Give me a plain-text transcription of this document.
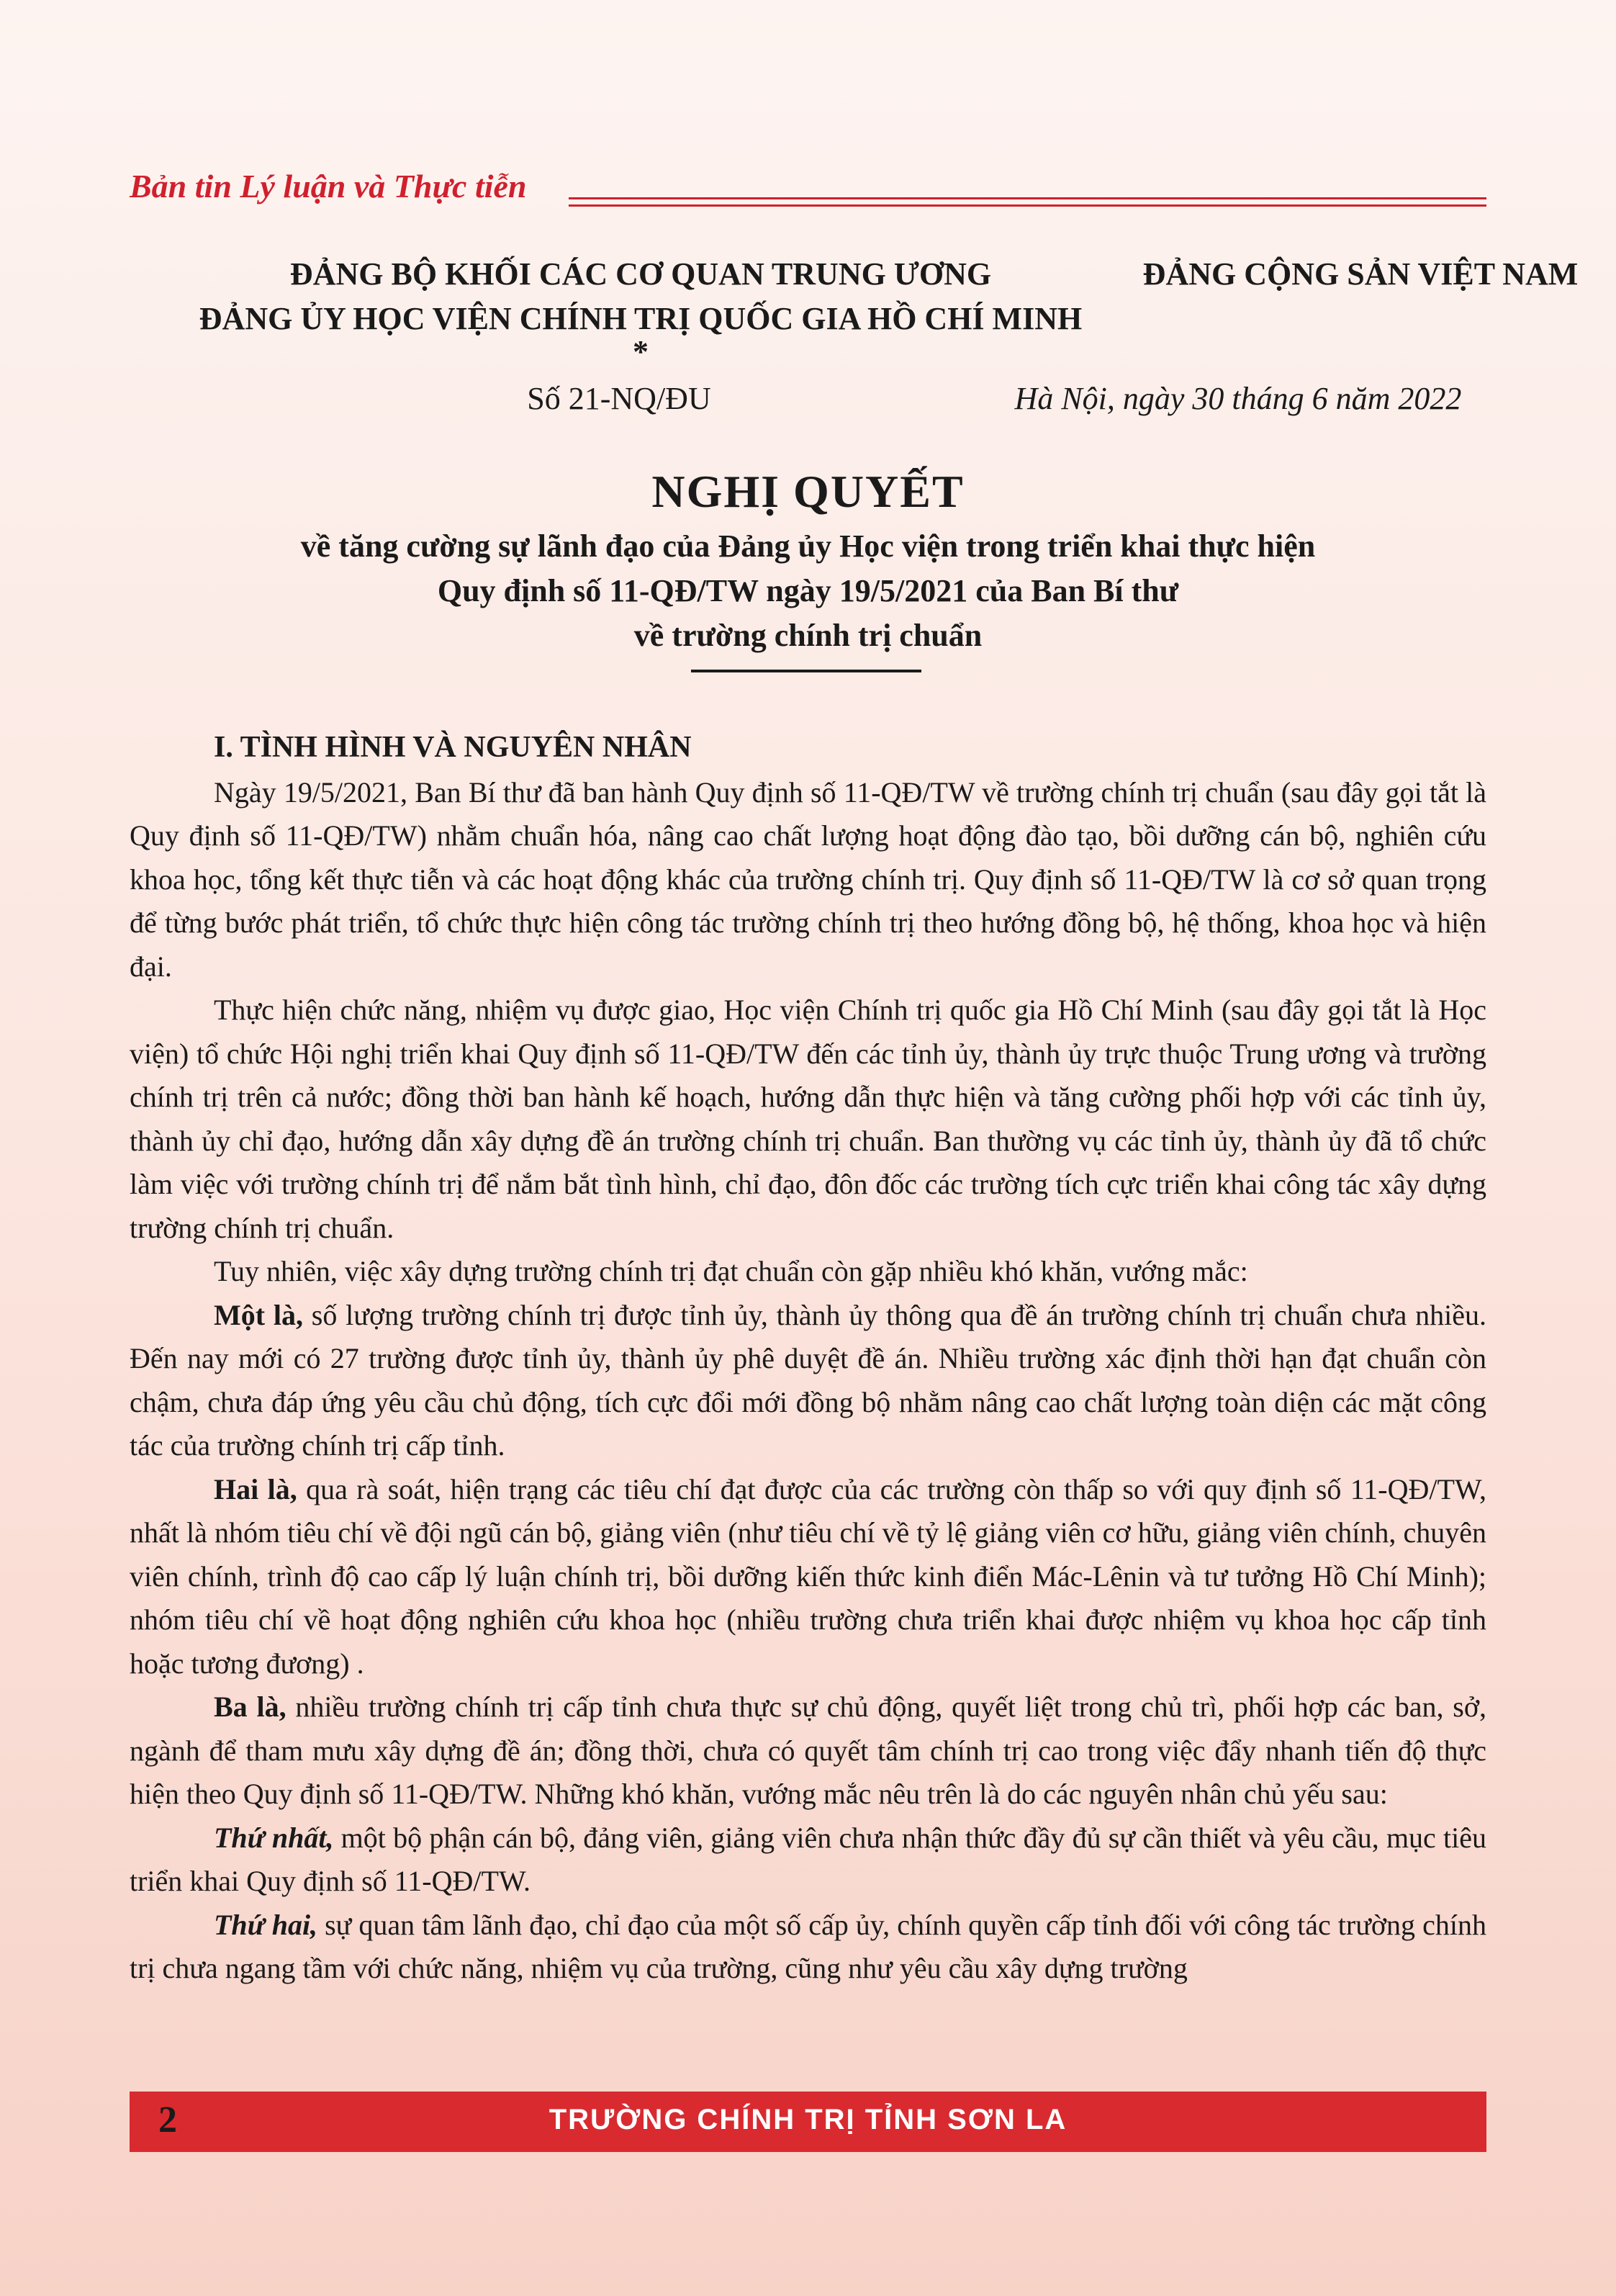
Bản tin Lý luận và Thực tiễn
ĐẢNG BỘ KHỐI CÁC CƠ QUAN TRUNG ƯƠNG
ĐẢNG ỦY HỌC VIỆN CHÍNH TRỊ QUỐC GIA HỒ CHÍ MINH
*
ĐẢNG CỘNG SẢN VIỆT NAM
Số 21-NQ/ĐU	Hà Nội, ngày 30 tháng 6 năm 2022
NGHỊ QUYẾT
về tăng cường sự lãnh đạo của Đảng ủy Học viện trong triển khai thực hiện
Quy định số 11-QĐ/TW ngày 19/5/2021 của Ban Bí thư
về trường chính trị chuẩn

I. TÌNH HÌNH VÀ NGUYÊN NHÂN

Ngày 19/5/2021, Ban Bí thư đã ban hành Quy định số 11-QĐ/TW về trường chính trị chuẩn (sau đây gọi tắt là Quy định số 11-QĐ/TW) nhằm chuẩn hóa, nâng cao chất lượng hoạt động đào tạo, bồi dưỡng cán bộ, nghiên cứu khoa học, tổng kết thực tiễn và các hoạt động khác của trường chính trị. Quy định số 11-QĐ/TW là cơ sở quan trọng để từng bước phát triển, tổ chức thực hiện công tác trường chính trị theo hướng đồng bộ, hệ thống, khoa học và hiện đại.

Thực hiện chức năng, nhiệm vụ được giao, Học viện Chính trị quốc gia Hồ Chí Minh (sau đây gọi tắt là Học viện) tổ chức Hội nghị triển khai Quy định số 11-QĐ/TW đến các tỉnh ủy, thành ủy trực thuộc Trung ương và trường chính trị trên cả nước; đồng thời ban hành kế hoạch, hướng dẫn thực hiện và tăng cường phối hợp với các tỉnh ủy, thành ủy chỉ đạo, hướng dẫn xây dựng đề án trường chính trị chuẩn. Ban thường vụ các tỉnh ủy, thành ủy đã tổ chức làm việc với trường chính trị để nắm bắt tình hình, chỉ đạo, đôn đốc các trường tích cực triển khai công tác xây dựng trường chính trị chuẩn.

Tuy nhiên, việc xây dựng trường chính trị đạt chuẩn còn gặp nhiều khó khăn, vướng mắc:

Một là, số lượng trường chính trị được tỉnh ủy, thành ủy thông qua đề án trường chính trị chuẩn chưa nhiều. Đến nay mới có 27 trường được tỉnh ủy, thành ủy phê duyệt đề án. Nhiều trường xác định thời hạn đạt chuẩn còn chậm, chưa đáp ứng yêu cầu chủ động, tích cực đổi mới đồng bộ nhằm nâng cao chất lượng toàn diện các mặt công tác của trường chính trị cấp tỉnh.

Hai là, qua rà soát, hiện trạng các tiêu chí đạt được của các trường còn thấp so với quy định số 11-QĐ/TW, nhất là nhóm tiêu chí về đội ngũ cán bộ, giảng viên (như tiêu chí về tỷ lệ giảng viên cơ hữu, giảng viên chính, chuyên viên chính, trình độ cao cấp lý luận chính trị, bồi dưỡng kiến thức kinh điển Mác-Lênin và tư tưởng Hồ Chí Minh); nhóm tiêu chí về hoạt động nghiên cứu khoa học (nhiều trường chưa triển khai được nhiệm vụ khoa học cấp tỉnh hoặc tương đương) .

Ba là, nhiều trường chính trị cấp tỉnh chưa thực sự chủ động, quyết liệt trong chủ trì, phối hợp các ban, sở, ngành để tham mưu xây dựng đề án; đồng thời, chưa có quyết tâm chính trị cao trong việc đẩy nhanh tiến độ thực hiện theo Quy định số 11-QĐ/TW. Những khó khăn, vướng mắc nêu trên là do các nguyên nhân chủ yếu sau:

Thứ nhất, một bộ phận cán bộ, đảng viên, giảng viên chưa nhận thức đầy đủ sự cần thiết và yêu cầu, mục tiêu triển khai Quy định số 11-QĐ/TW.

Thứ hai, sự quan tâm lãnh đạo, chỉ đạo của một số cấp ủy, chính quyền cấp tỉnh đối với công tác trường chính trị chưa ngang tầm với chức năng, nhiệm vụ của trường, cũng như yêu cầu xây dựng trường

2	TRƯỜNG CHÍNH TRỊ TỈNH SƠN LA
